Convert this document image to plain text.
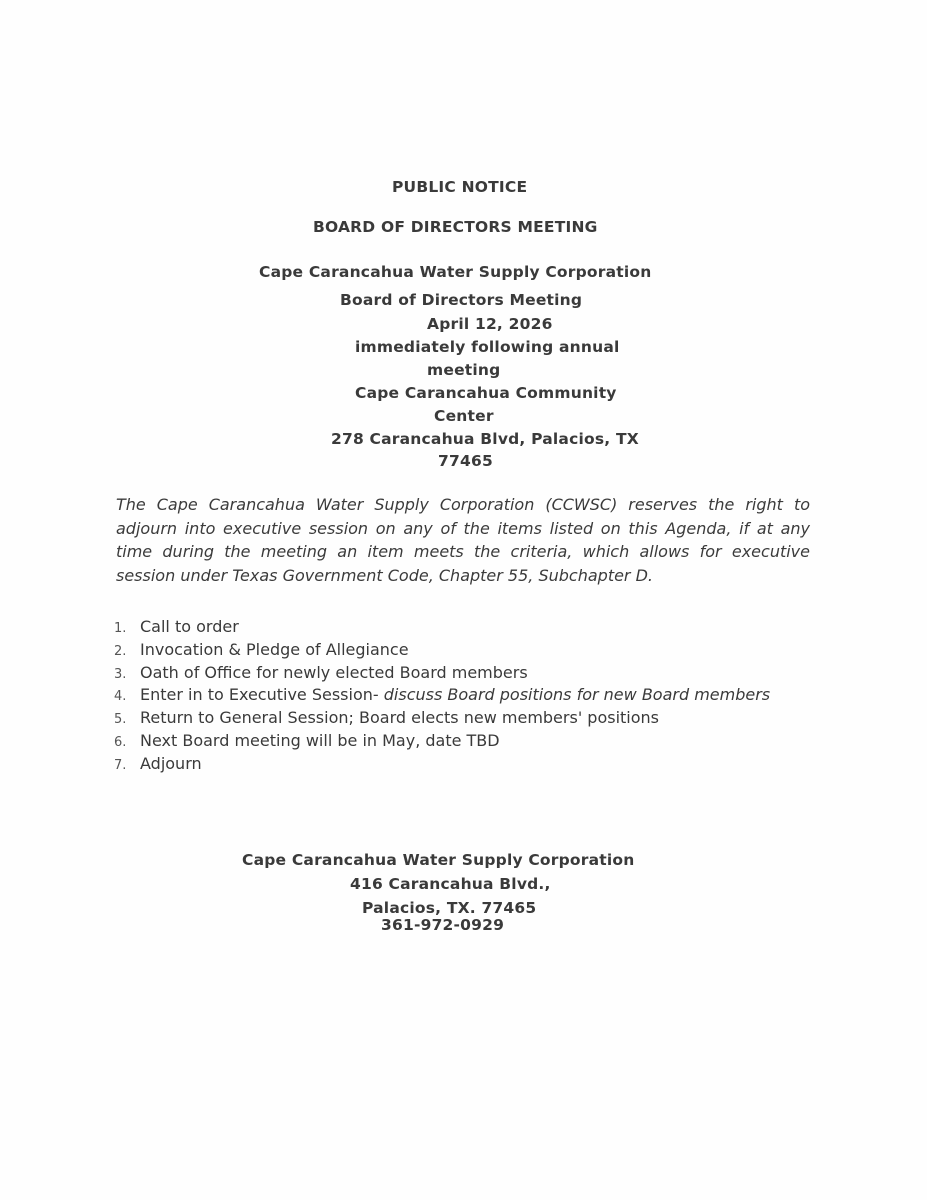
PUBLIC NOTICE
BOARD OF DIRECTORS MEETING
Cape Carancahua Water Supply Corporation
Board of Directors Meeting
April 12, 2026
immediately following annual
meeting
Cape Carancahua Community
Center
278 Carancahua Blvd, Palacios, TX
77465
The Cape Carancahua Water Supply Corporation (CCWSC) reserves the right to adjourn into executive session on any of the items listed on this Agenda, if at any time during the meeting an item meets the criteria, which allows for executive session under Texas Government Code, Chapter 55, Subchapter D.
1. Call to order
2. Invocation & Pledge of Allegiance
3. Oath of Office for newly elected Board members
4. Enter in to Executive Session- discuss Board positions for new Board members
5. Return to General Session; Board elects new members' positions
6. Next Board meeting will be in May, date TBD
7. Adjourn
Cape Carancahua Water Supply Corporation
416 Carancahua Blvd.,
Palacios, TX. 77465
361-972-0929
